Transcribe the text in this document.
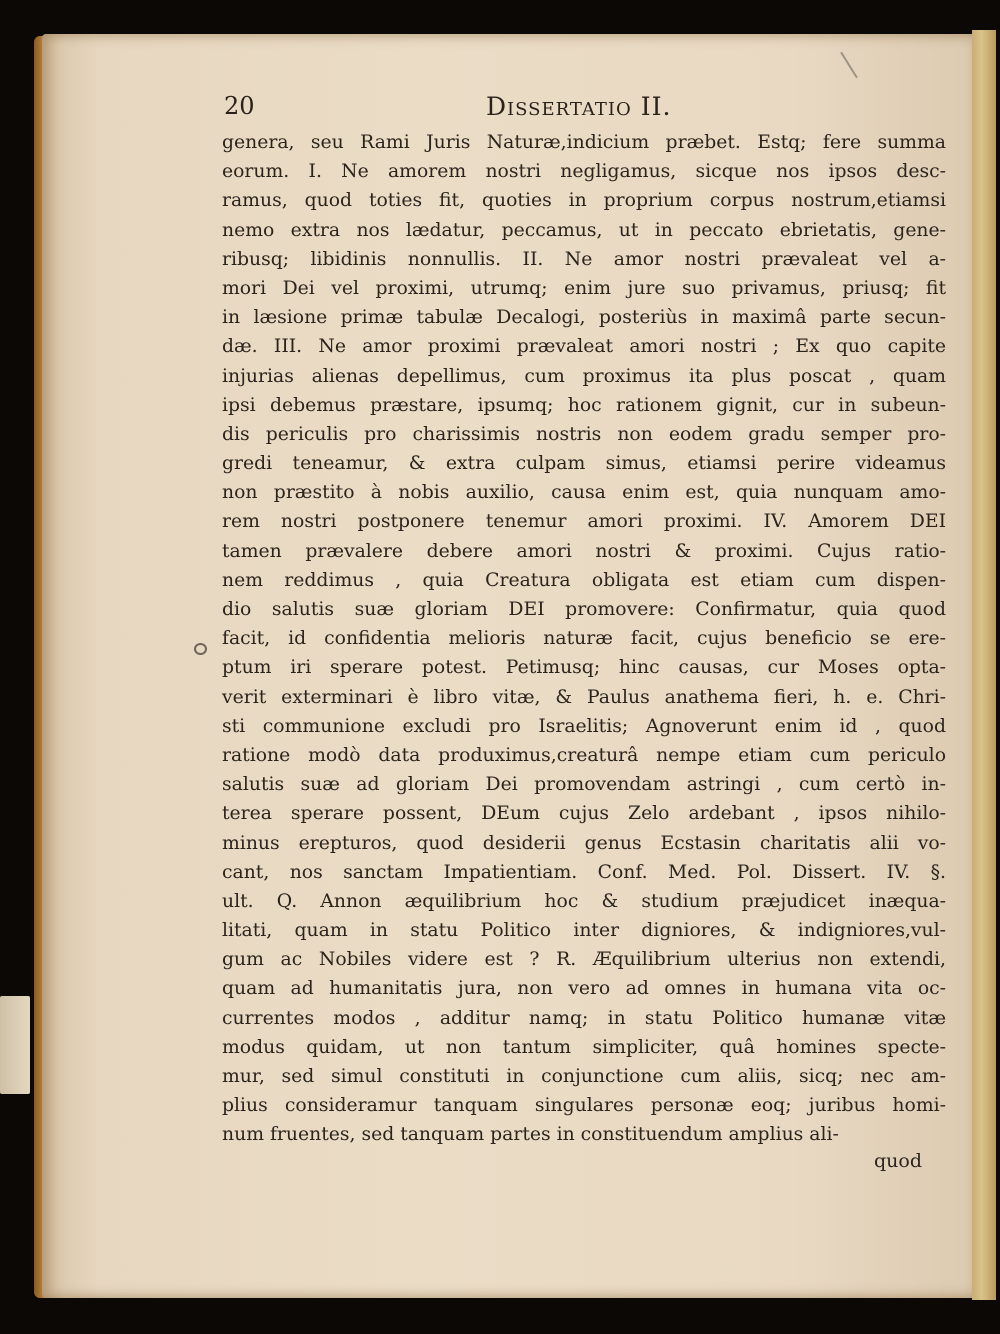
20	Dissertatio II.
genera, seu Rami Juris Naturæ,indicium præbet. Estq; fere summa
eorum. I. Ne amorem nostri negligamus, sicque nos ipsos desc-
ramus, quod toties fit, quoties in proprium corpus nostrum,etiamsi
nemo extra nos lædatur, peccamus, ut in peccato ebrietatis, gene-
ribusq; libidinis nonnullis. II. Ne amor nostri prævaleat vel a-
mori Dei vel proximi, utrumq; enim jure suo privamus, priusq; fit
in læsione primæ tabulæ Decalogi, posteriùs in maximâ parte secun-
dæ. III. Ne amor proximi prævaleat amori nostri ; Ex quo capite
injurias alienas depellimus, cum proximus ita plus poscat , quam
ipsi debemus præstare, ipsumq; hoc rationem gignit, cur in subeun-
dis periculis pro charissimis nostris non eodem gradu semper pro-
gredi teneamur, & extra culpam simus, etiamsi perire videamus
non præstito à nobis auxilio, causa enim est, quia nunquam amo-
rem nostri postponere tenemur amori proximi. IV. Amorem DEI
tamen prævalere debere amori nostri & proximi. Cujus ratio-
nem reddimus , quia Creatura obligata est etiam cum dispen-
dio salutis suæ gloriam DEI promovere: Confirmatur, quia quod
facit, id confidentia melioris naturæ facit, cujus beneficio se ere-
ptum iri sperare potest. Petimusq; hinc causas, cur Moses opta-
verit exterminari è libro vitæ, & Paulus anathema fieri, h. e. Chri-
sti communione excludi pro Israelitis; Agnoverunt enim id , quod
ratione modò data produximus,creaturâ nempe etiam cum periculo
salutis suæ ad gloriam Dei promovendam astringi , cum certò in-
terea sperare possent, DEum cujus Zelo ardebant , ipsos nihilo-
minus erepturos, quod desiderii genus Ecstasin charitatis alii vo-
cant, nos sanctam Impatientiam. Conf. Med. Pol. Dissert. IV. §.
ult. Q. Annon æquilibrium hoc & studium præjudicet inæqua-
litati, quam in statu Politico inter digniores, & indigniores,vul-
gum ac Nobiles videre est ? R. Æquilibrium ulterius non extendi,
quam ad humanitatis jura, non vero ad omnes in humana vita oc-
currentes modos , additur namq; in statu Politico humanæ vitæ
modus quidam, ut non tantum simpliciter, quâ homines specte-
mur, sed simul constituti in conjunctione cum aliis, sicq; nec am-
plius consideramur tanquam singulares personæ eoq; juribus homi-
num fruentes, sed tanquam partes in constituendum amplius ali-
quod
